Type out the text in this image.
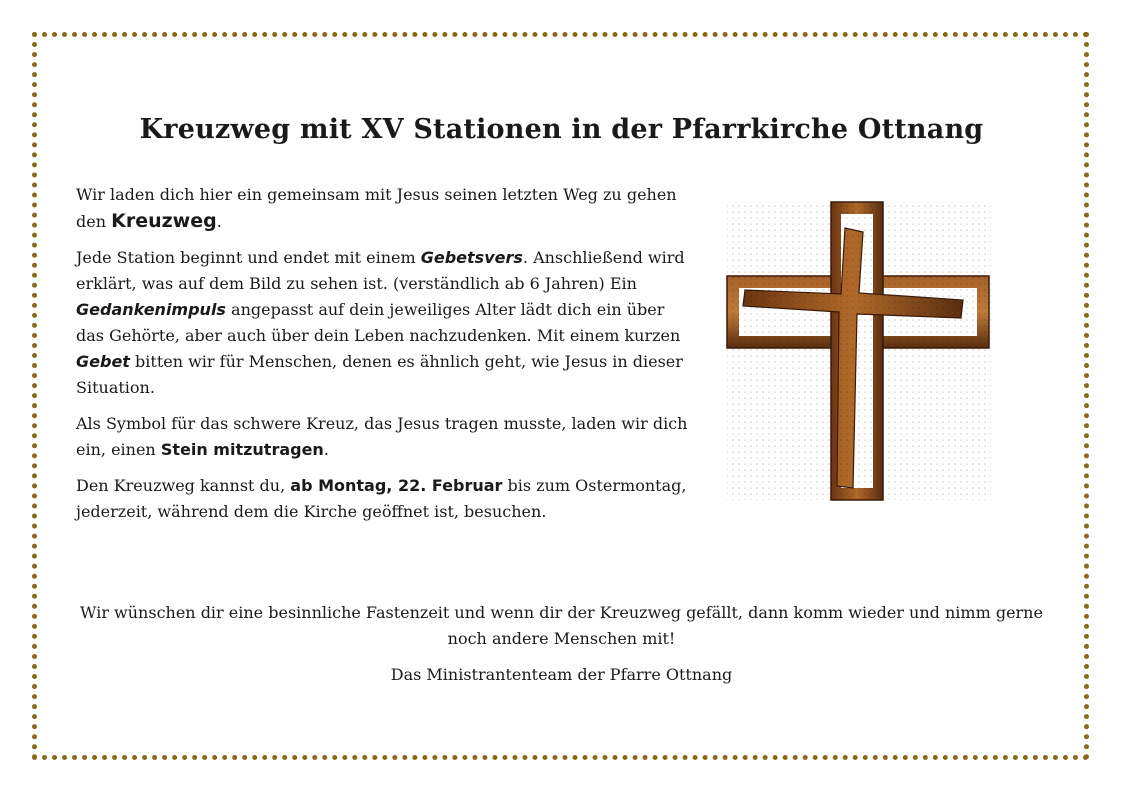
Kreuzweg mit XV Stationen in der Pfarrkirche Ottnang

Wir laden dich hier ein gemeinsam mit Jesus seinen letzten Weg zu gehen den Kreuzweg.

Jede Station beginnt und endet mit einem Gebetsvers. Anschließend wird erklärt, was auf dem Bild zu sehen ist. (verständlich ab 6 Jahren) Ein Gedankenimpuls angepasst auf dein jeweiliges Alter lädt dich ein über das Gehörte, aber auch über dein Leben nachzudenken. Mit einem kurzen Gebet bitten wir für Menschen, denen es ähnlich geht, wie Jesus in dieser Situation.

Als Symbol für das schwere Kreuz, das Jesus tragen musste, laden wir dich ein, einen Stein mitzutragen.

Den Kreuzweg kannst du, ab Montag, 22. Februar bis zum Ostermontag, jederzeit, während dem die Kirche geöffnet ist, besuchen.

Wir wünschen dir eine besinnliche Fastenzeit und wenn dir der Kreuzweg gefällt, dann komm wieder und nimm gerne noch andere Menschen mit!

Das Ministrantenteam der Pfarre Ottnang
